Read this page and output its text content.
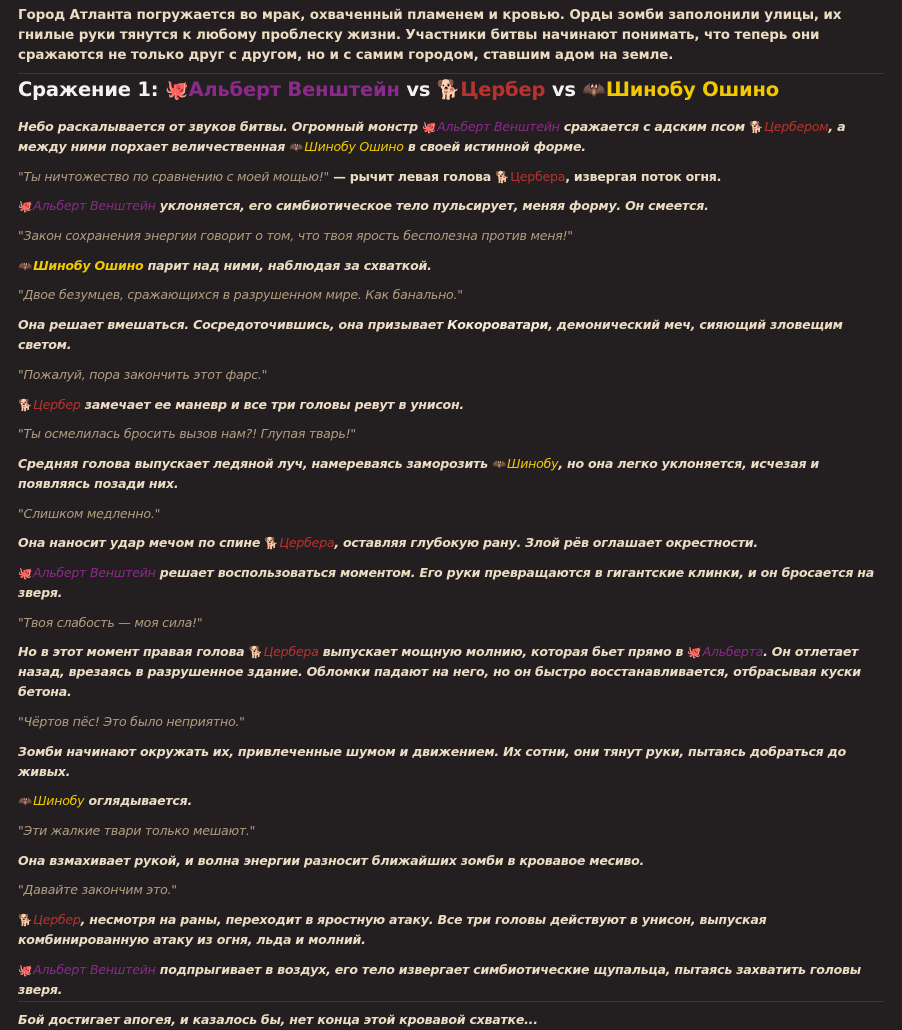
Город Атланта погружается во мрак, охваченный пламенем и кровью. Орды зомби заполонили улицы, их гнилые руки тянутся к любому проблеску жизни. Участники битвы начинают понимать, что теперь они сражаются не только друг с другом, но и с самим городом, ставшим адом на земле.
Сражение 1: 🐙Альберт Венштейн vs 🐕Цербер vs 🦇Шинобу Ошино
Небо раскалывается от звуков битвы. Огромный монстр 🐙Альберт Венштейн сражается с адским псом 🐕Цербером, а между ними порхает величественная 🦇Шинобу Ошино в своей истинной форме.
"Ты ничтожество по сравнению с моей мощью!" — рычит левая голова 🐕Цербера, извергая поток огня.
🐙Альберт Венштейн уклоняется, его симбиотическое тело пульсирует, меняя форму. Он смеется.
"Закон сохранения энергии говорит о том, что твоя ярость бесполезна против меня!"
🦇Шинобу Ошино парит над ними, наблюдая за схваткой.
"Двое безумцев, сражающихся в разрушенном мире. Как банально."
Она решает вмешаться. Сосредоточившись, она призывает Кокороватари, демонический меч, сияющий зловещим светом.
"Пожалуй, пора закончить этот фарс."
🐕Цербер замечает ее маневр и все три головы ревут в унисон.
"Ты осмелилась бросить вызов нам?! Глупая тварь!"
Средняя голова выпускает ледяной луч, намереваясь заморозить 🦇Шинобу, но она легко уклоняется, исчезая и появляясь позади них.
"Слишком медленно."
Она наносит удар мечом по спине 🐕Цербера, оставляя глубокую рану. Злой рёв оглашает окрестности.
🐙Альберт Венштейн решает воспользоваться моментом. Его руки превращаются в гигантские клинки, и он бросается на зверя.
"Твоя слабость — моя сила!"
Но в этот момент правая голова 🐕Цербера выпускает мощную молнию, которая бьет прямо в 🐙Альберта. Он отлетает назад, врезаясь в разрушенное здание. Обломки падают на него, но он быстро восстанавливается, отбрасывая куски бетона.
"Чёртов пёс! Это было неприятно."
Зомби начинают окружать их, привлеченные шумом и движением. Их сотни, они тянут руки, пытаясь добраться до живых.
🦇Шинобу оглядывается.
"Эти жалкие твари только мешают."
Она взмахивает рукой, и волна энергии разносит ближайших зомби в кровавое месиво.
"Давайте закончим это."
🐕Цербер, несмотря на раны, переходит в яростную атаку. Все три головы действуют в унисон, выпуская комбинированную атаку из огня, льда и молний.
🐙Альберт Венштейн подпрыгивает в воздух, его тело извергает симбиотические щупальца, пытаясь захватить головы зверя.
Бой достигает апогея, и казалось бы, нет конца этой кровавой схватке...
